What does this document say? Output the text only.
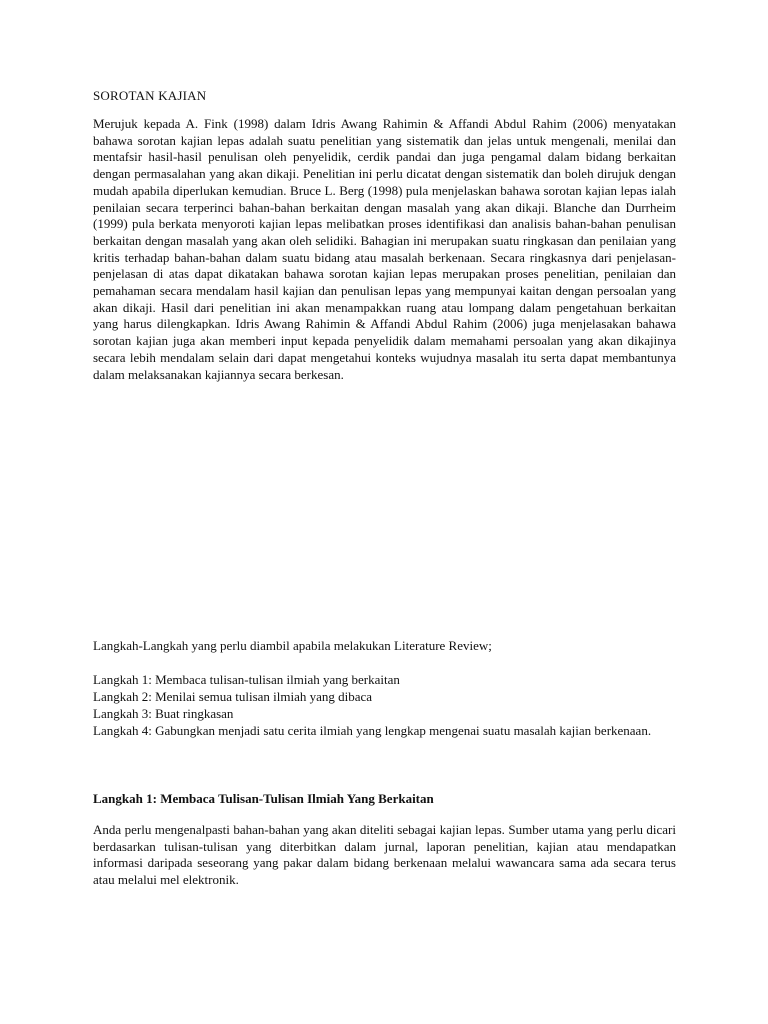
SOROTAN KAJIAN

Merujuk kepada A. Fink (1998) dalam Idris Awang Rahimin & Affandi Abdul Rahim (2006) menyatakan bahawa sorotan kajian lepas adalah suatu penelitian yang sistematik dan jelas untuk mengenali, menilai dan mentafsir hasil-hasil penulisan oleh penyelidik, cerdik pandai dan juga pengamal dalam bidang berkaitan dengan permasalahan yang akan dikaji. Penelitian ini perlu dicatat dengan sistematik dan boleh dirujuk dengan mudah apabila diperlukan kemudian. Bruce L. Berg (1998) pula menjelaskan bahawa sorotan kajian lepas ialah penilaian secara terperinci bahan-bahan berkaitan dengan masalah yang akan dikaji. Blanche dan Durrheim (1999) pula berkata menyoroti kajian lepas melibatkan proses identifikasi dan analisis bahan-bahan penulisan berkaitan dengan masalah yang akan oleh selidiki. Bahagian ini merupakan suatu ringkasan dan penilaian yang kritis terhadap bahan-bahan dalam suatu bidang atau masalah berkenaan. Secara ringkasnya dari penjelasan-penjelasan di atas dapat dikatakan bahawa sorotan kajian lepas merupakan proses penelitian, penilaian dan pemahaman secara mendalam hasil kajian dan penulisan lepas yang mempunyai kaitan dengan persoalan yang akan dikaji. Hasil dari penelitian ini akan menampakkan ruang atau lompang dalam pengetahuan berkaitan yang harus dilengkapkan. Idris Awang Rahimin & Affandi Abdul Rahim (2006) juga menjelasakan bahawa sorotan kajian juga akan memberi input kepada penyelidik dalam memahami persoalan yang akan dikajinya secara lebih mendalam selain dari dapat mengetahui konteks wujudnya masalah itu serta dapat membantunya dalam melaksanakan kajiannya secara berkesan.

Langkah-Langkah yang perlu diambil apabila melakukan Literature Review;

Langkah 1: Membaca tulisan-tulisan ilmiah yang berkaitan
Langkah 2: Menilai semua tulisan ilmiah yang dibaca
Langkah 3: Buat ringkasan
Langkah 4: Gabungkan menjadi satu cerita ilmiah yang lengkap mengenai suatu masalah kajian berkenaan.
Langkah 1: Membaca Tulisan-Tulisan Ilmiah Yang Berkaitan

Anda perlu mengenalpasti bahan-bahan yang akan diteliti sebagai kajian lepas. Sumber utama yang perlu dicari berdasarkan tulisan-tulisan yang diterbitkan dalam jurnal, laporan penelitian, kajian atau mendapatkan informasi daripada seseorang yang pakar dalam bidang berkenaan melalui wawancara sama ada secara terus atau melalui mel elektronik.
